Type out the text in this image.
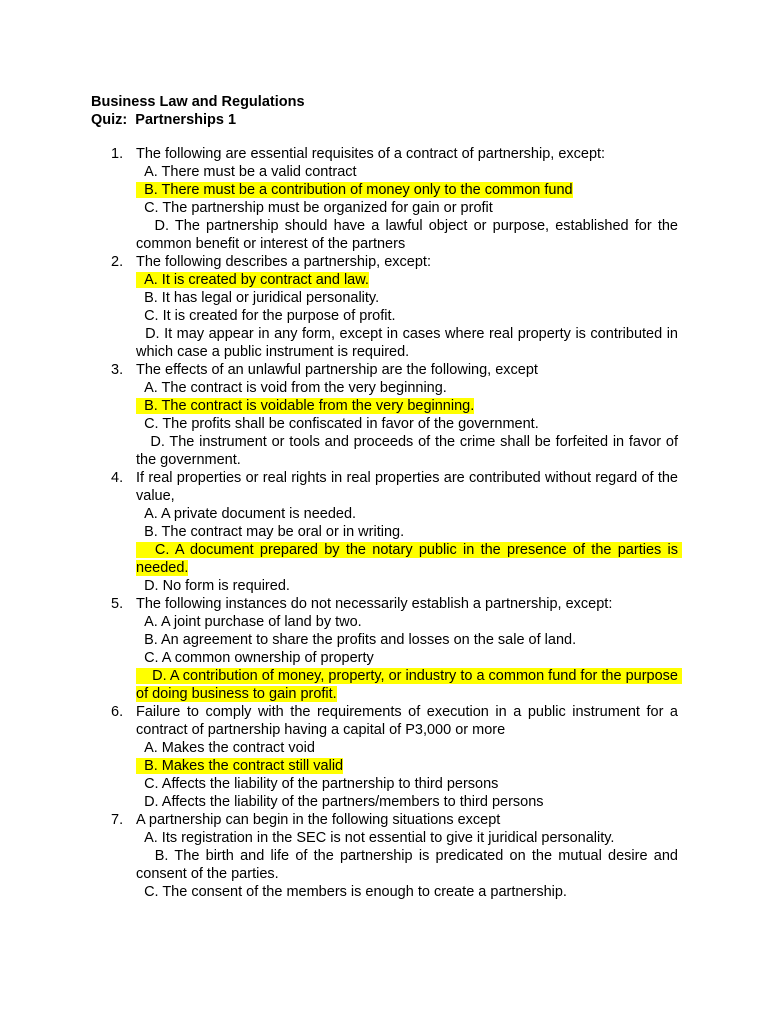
Business Law and Regulations
Quiz:  Partnerships 1
1. The following are essential requisites of a contract of partnership, except:
A. There must be a valid contract
B. There must be a contribution of money only to the common fund
C. The partnership must be organized for gain or profit
D. The partnership should have a lawful object or purpose, established for the common benefit or interest of the partners
2. The following describes a partnership, except:
A. It is created by contract and law.
B. It has legal or juridical personality.
C. It is created for the purpose of profit.
D. It may appear in any form, except in cases where real property is contributed in which case a public instrument is required.
3. The effects of an unlawful partnership are the following, except
A. The contract is void from the very beginning.
B. The contract is voidable from the very beginning.
C. The profits shall be confiscated in favor of the government.
D. The instrument or tools and proceeds of the crime shall be forfeited in favor of the government.
4. If real properties or real rights in real properties are contributed without regard of the value,
A. A private document is needed.
B. The contract may be oral or in writing.
C. A document prepared by the notary public in the presence of the parties is needed.
D. No form is required.
5. The following instances do not necessarily establish a partnership, except:
A. A joint purchase of land by two.
B. An agreement to share the profits and losses on the sale of land.
C. A common ownership of property
D. A contribution of money, property, or industry to a common fund for the purpose of doing business to gain profit.
6. Failure to comply with the requirements of execution in a public instrument for a contract of partnership having a capital of P3,000 or more
A. Makes the contract void
B. Makes the contract still valid
C. Affects the liability of the partnership to third persons
D. Affects the liability of the partners/members to third persons
7. A partnership can begin in the following situations except
A. Its registration in the SEC is not essential to give it juridical personality.
B. The birth and life of the partnership is predicated on the mutual desire and consent of the parties.
C. The consent of the members is enough to create a partnership.
